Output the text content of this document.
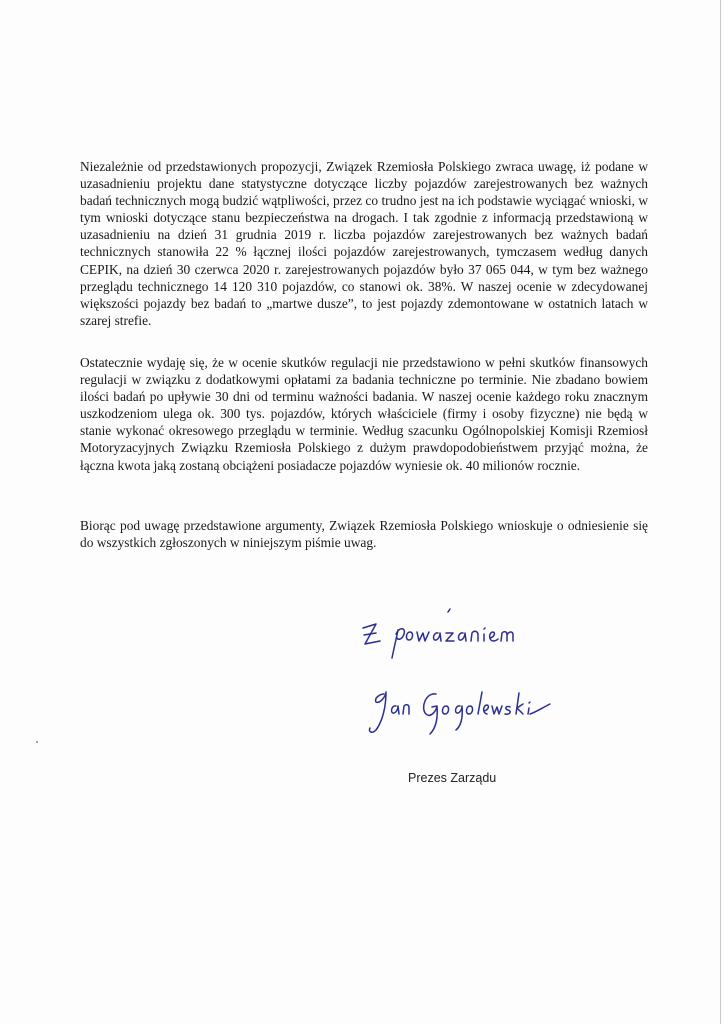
Niezależnie od przedstawionych propozycji, Związek Rzemiosła Polskiego zwraca uwagę, iż podane w uzasadnieniu projektu dane statystyczne dotyczące liczby pojazdów zarejestrowanych bez ważnych badań technicznych mogą budzić wątpliwości, przez co trudno jest na ich podstawie wyciągać wnioski, w tym wnioski dotyczące stanu bezpieczeństwa na drogach. I tak zgodnie z informacją przedstawioną w uzasadnieniu na dzień 31 grudnia 2019 r. liczba pojazdów zarejestrowanych bez ważnych badań technicznych stanowiła 22 % łącznej ilości pojazdów zarejestrowanych, tymczasem według danych CEPIK, na dzień 30 czerwca 2020 r. zarejestrowanych pojazdów było 37 065 044, w tym bez ważnego przeglądu technicznego 14 120 310 pojazdów, co stanowi ok. 38%. W naszej ocenie w zdecydowanej większości pojazdy bez badań to „martwe dusze”, to jest pojazdy zdemontowane w ostatnich latach w szarej strefie.

Ostatecznie wydaję się, że w ocenie skutków regulacji nie przedstawiono w pełni skutków finansowych regulacji w związku z dodatkowymi opłatami za badania techniczne po terminie. Nie zbadano bowiem ilości badań po upływie 30 dni od terminu ważności badania. W naszej ocenie każdego roku znacznym uszkodzeniom ulega ok. 300 tys. pojazdów, których właściciele (firmy i osoby fizyczne) nie będą w stanie wykonać okresowego przeglądu w terminie. Według szacunku Ogólnopolskiej Komisji Rzemiosł Motoryzacyjnych Związku Rzemiosła Polskiego z dużym prawdopodobieństwem przyjąć można, że łączna kwota jaką zostaną obciążeni posiadacze pojazdów wyniesie ok. 40 milionów rocznie.

Biorąc pod uwagę przedstawione argumenty, Związek Rzemiosła Polskiego wnioskuje o odniesienie się do wszystkich zgłoszonych w niniejszym piśmie uwag.

Prezes Zarządu
